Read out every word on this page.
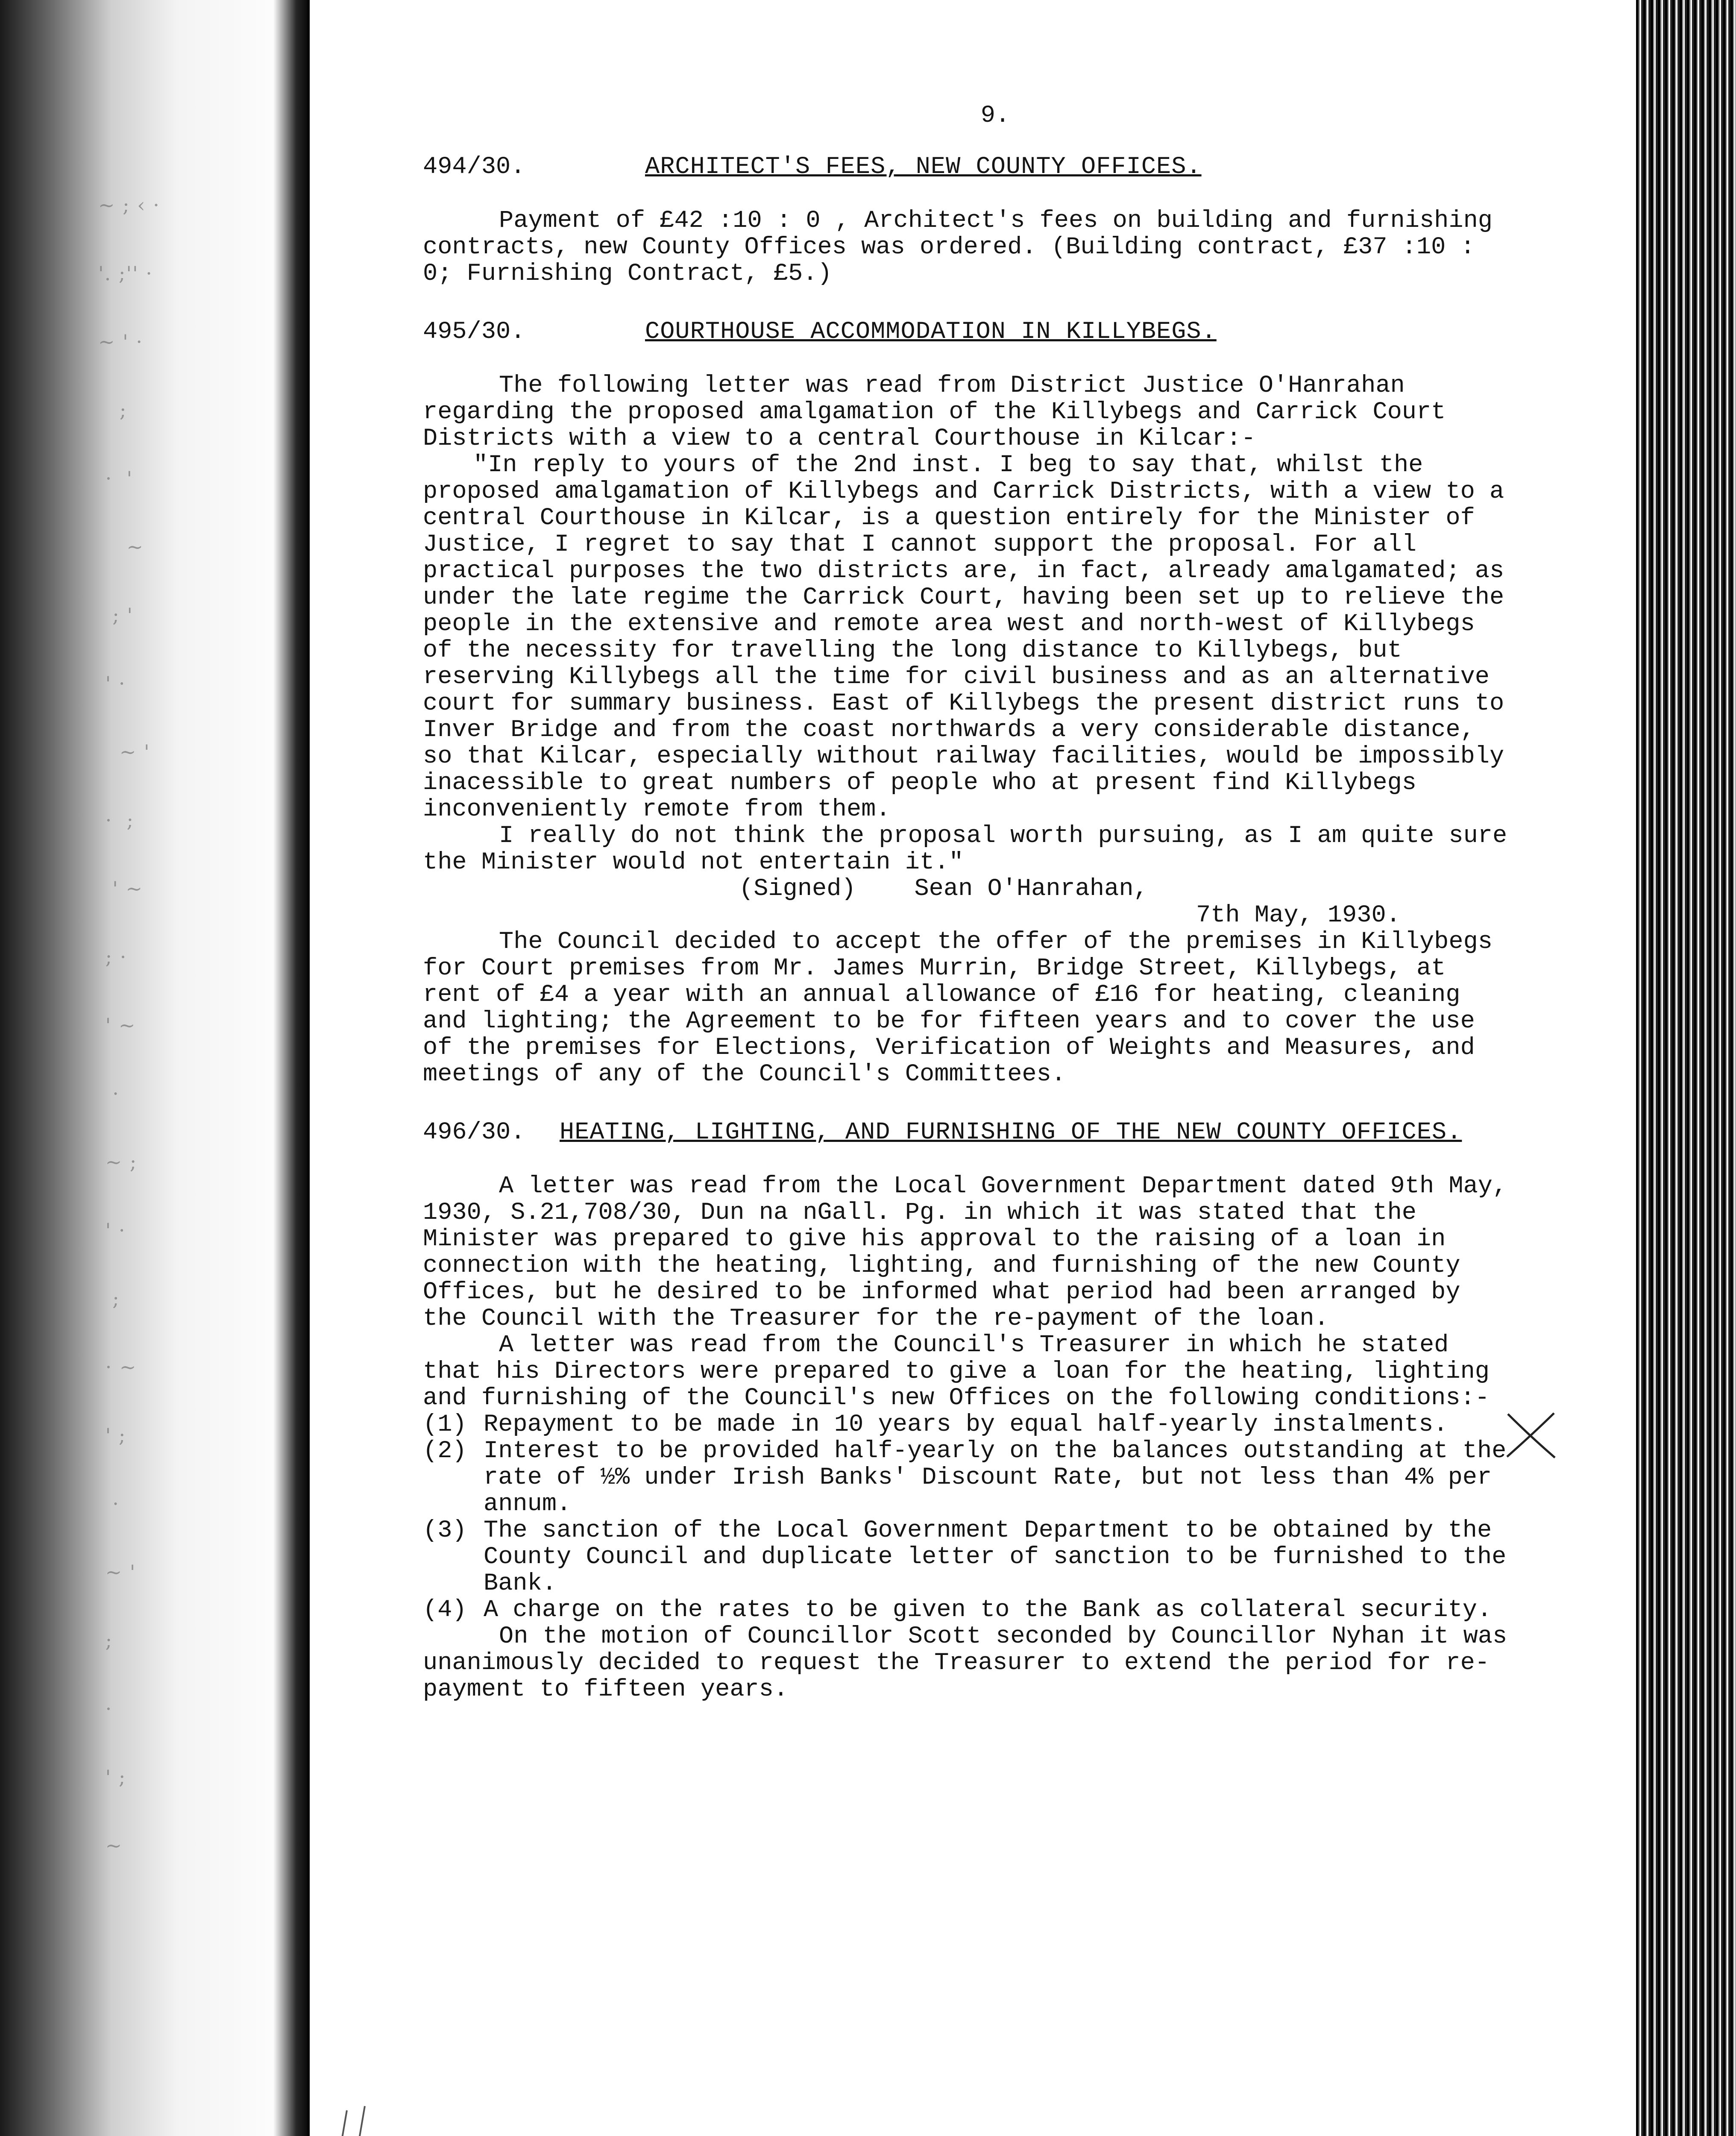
~ ; ‹ ·
'. ;'' ·
~ ' ·
;
·  '
~
; '
' ·
~ '
·  ;
' ~
; ·
' ~
·
~ ;
' ·
;
· ~
' ;
·
~ '
;
·
' ;
~
9.
494/30.	ARCHITECT'S FEES, NEW COUNTY OFFICES.

Payment of £42 :10 : 0 , Architect's fees on building and furnishing contracts, new County Offices was ordered. (Building contract, £37 :10 : 0; Furnishing Contract, £5.)

495/30.	COURTHOUSE ACCOMMODATION IN KILLYBEGS.

The following letter was read from District Justice O'Hanrahan regarding the proposed amalgamation of the Killybegs and Carrick Court Districts with a view to a central Courthouse in Kilcar:-

"In reply to yours of the 2nd inst. I beg to say that, whilst the proposed amalgamation of Killybegs and Carrick Districts, with a view to a central Courthouse in Kilcar, is a question entirely for the Minister of Justice, I regret to say that I cannot support the proposal. For all practical purposes the two districts are, in fact, already amalgamated; as under the late regime the Carrick Court, having been set up to relieve the people in the extensive and remote area west and north-west of Killybegs of the necessity for travelling the long distance to Killybegs, but reserving Killybegs all the time for civil business and as an alternative court for summary business. East of Killybegs the present district runs to Inver Bridge and from the coast northwards a very considerable distance, so that Kilcar, especially without railway facilities, would be impossibly inacessible to great numbers of people who at present find Killybegs inconveniently remote from them.

I really do not think the proposal worth pursuing, as I am quite sure the Minister would not entertain it."

(Signed)    Sean O'Hanrahan,

7th May, 1930.

The Council decided to accept the offer of the premises in Killybegs for Court premises from Mr. James Murrin, Bridge Street, Killybegs, at rent of £4 a year with an annual allowance of £16 for heating, cleaning and lighting; the Agreement to be for fifteen years and to cover the use of the premises for Elections, Verification of Weights and Measures, and meetings of any of the Council's Committees.

496/30.	HEATING, LIGHTING, AND FURNISHING OF THE NEW COUNTY OFFICES.

A letter was read from the Local Government Department dated 9th May, 1930, S.21,708/30, Dun na nGall. Pg. in which it was stated that the Minister was prepared to give his approval to the raising of a loan in connection with the heating, lighting, and furnishing of the new County Offices, but he desired to be informed what period had been arranged by the Council with the Treasurer for the re-payment of the loan.

A letter was read from the Council's Treasurer in which he stated that his Directors were prepared to give a loan for the heating, lighting and furnishing of the Council's new Offices on the following conditions:-

(1) Repayment to be made in 10 years by equal half-yearly instalments.
(2) Interest to be provided half-yearly on the balances outstanding at the rate of ½% under Irish Banks' Discount Rate, but not less than 4% per annum.
(3) The sanction of the Local Government Department to be obtained by the County Council and duplicate letter of sanction to be furnished to the Bank.
(4) A charge on the rates to be given to the Bank as collateral security.

On the motion of Councillor Scott seconded by Councillor Nyhan it was unanimously decided to request the Treasurer to extend the period for re-payment to fifteen years.
